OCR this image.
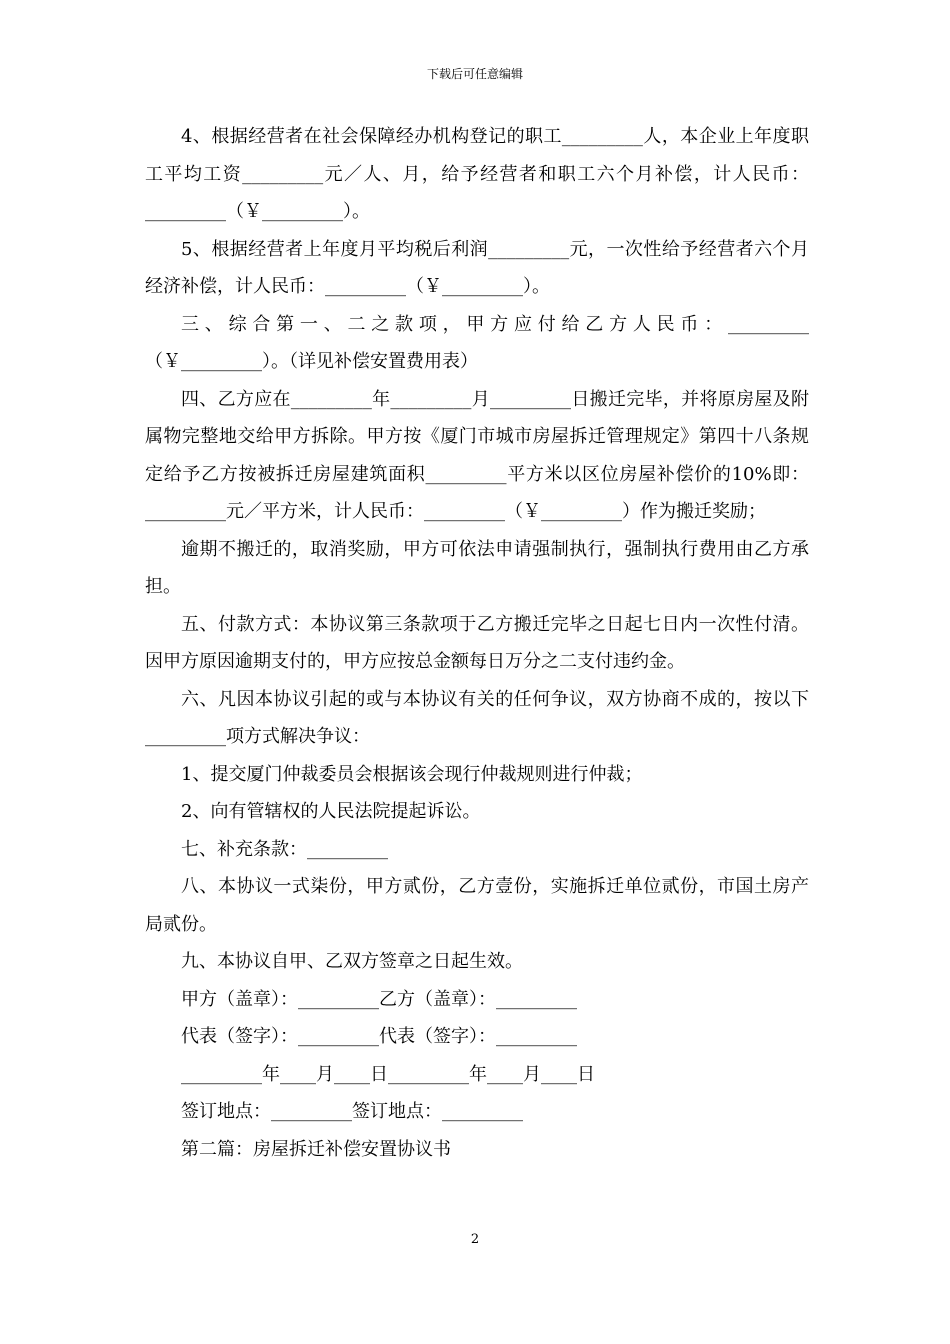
下载后可任意编辑

4、根据经营者在社会保障经办机构登记的职工_________人，本企业上年度职工平均工资_________元／人、月，给予经营者和职工六个月补偿，计人民币：_________（￥_________）。

5、根据经营者上年度月平均税后利润_________元，一次性给予经营者六个月经济补偿，计人民币：_________（￥_________）。

三、综合第一、二之款项，甲方应付给乙方人民币：_________（￥_________）。（详见补偿安置费用表）

四、乙方应在_________年_________月_________日搬迁完毕，并将原房屋及附属物完整地交给甲方拆除。甲方按《厦门市城市房屋拆迁管理规定》第四十八条规定给予乙方按被拆迁房屋建筑面积_________平方米以区位房屋补偿价的10%即：_________元／平方米，计人民币：_________（￥_________）作为搬迁奖励；

逾期不搬迁的，取消奖励，甲方可依法申请强制执行，强制执行费用由乙方承担。

五、付款方式：本协议第三条款项于乙方搬迁完毕之日起七日内一次性付清。因甲方原因逾期支付的，甲方应按总金额每日万分之二支付违约金。

六、凡因本协议引起的或与本协议有关的任何争议，双方协商不成的，按以下_________项方式解决争议：

1、提交厦门仲裁委员会根据该会现行仲裁规则进行仲裁；

2、向有管辖权的人民法院提起诉讼。

七、补充条款：_________

八、本协议一式柒份，甲方贰份，乙方壹份，实施拆迁单位贰份，市国土房产局贰份。

九、本协议自甲、乙双方签章之日起生效。

甲方（盖章）：_________乙方（盖章）：_________

代表（签字）：_________代表（签字）：_________

_________年____月____日_________年____月____日

签订地点：_________签订地点：_________

第二篇：房屋拆迁补偿安置协议书

2
